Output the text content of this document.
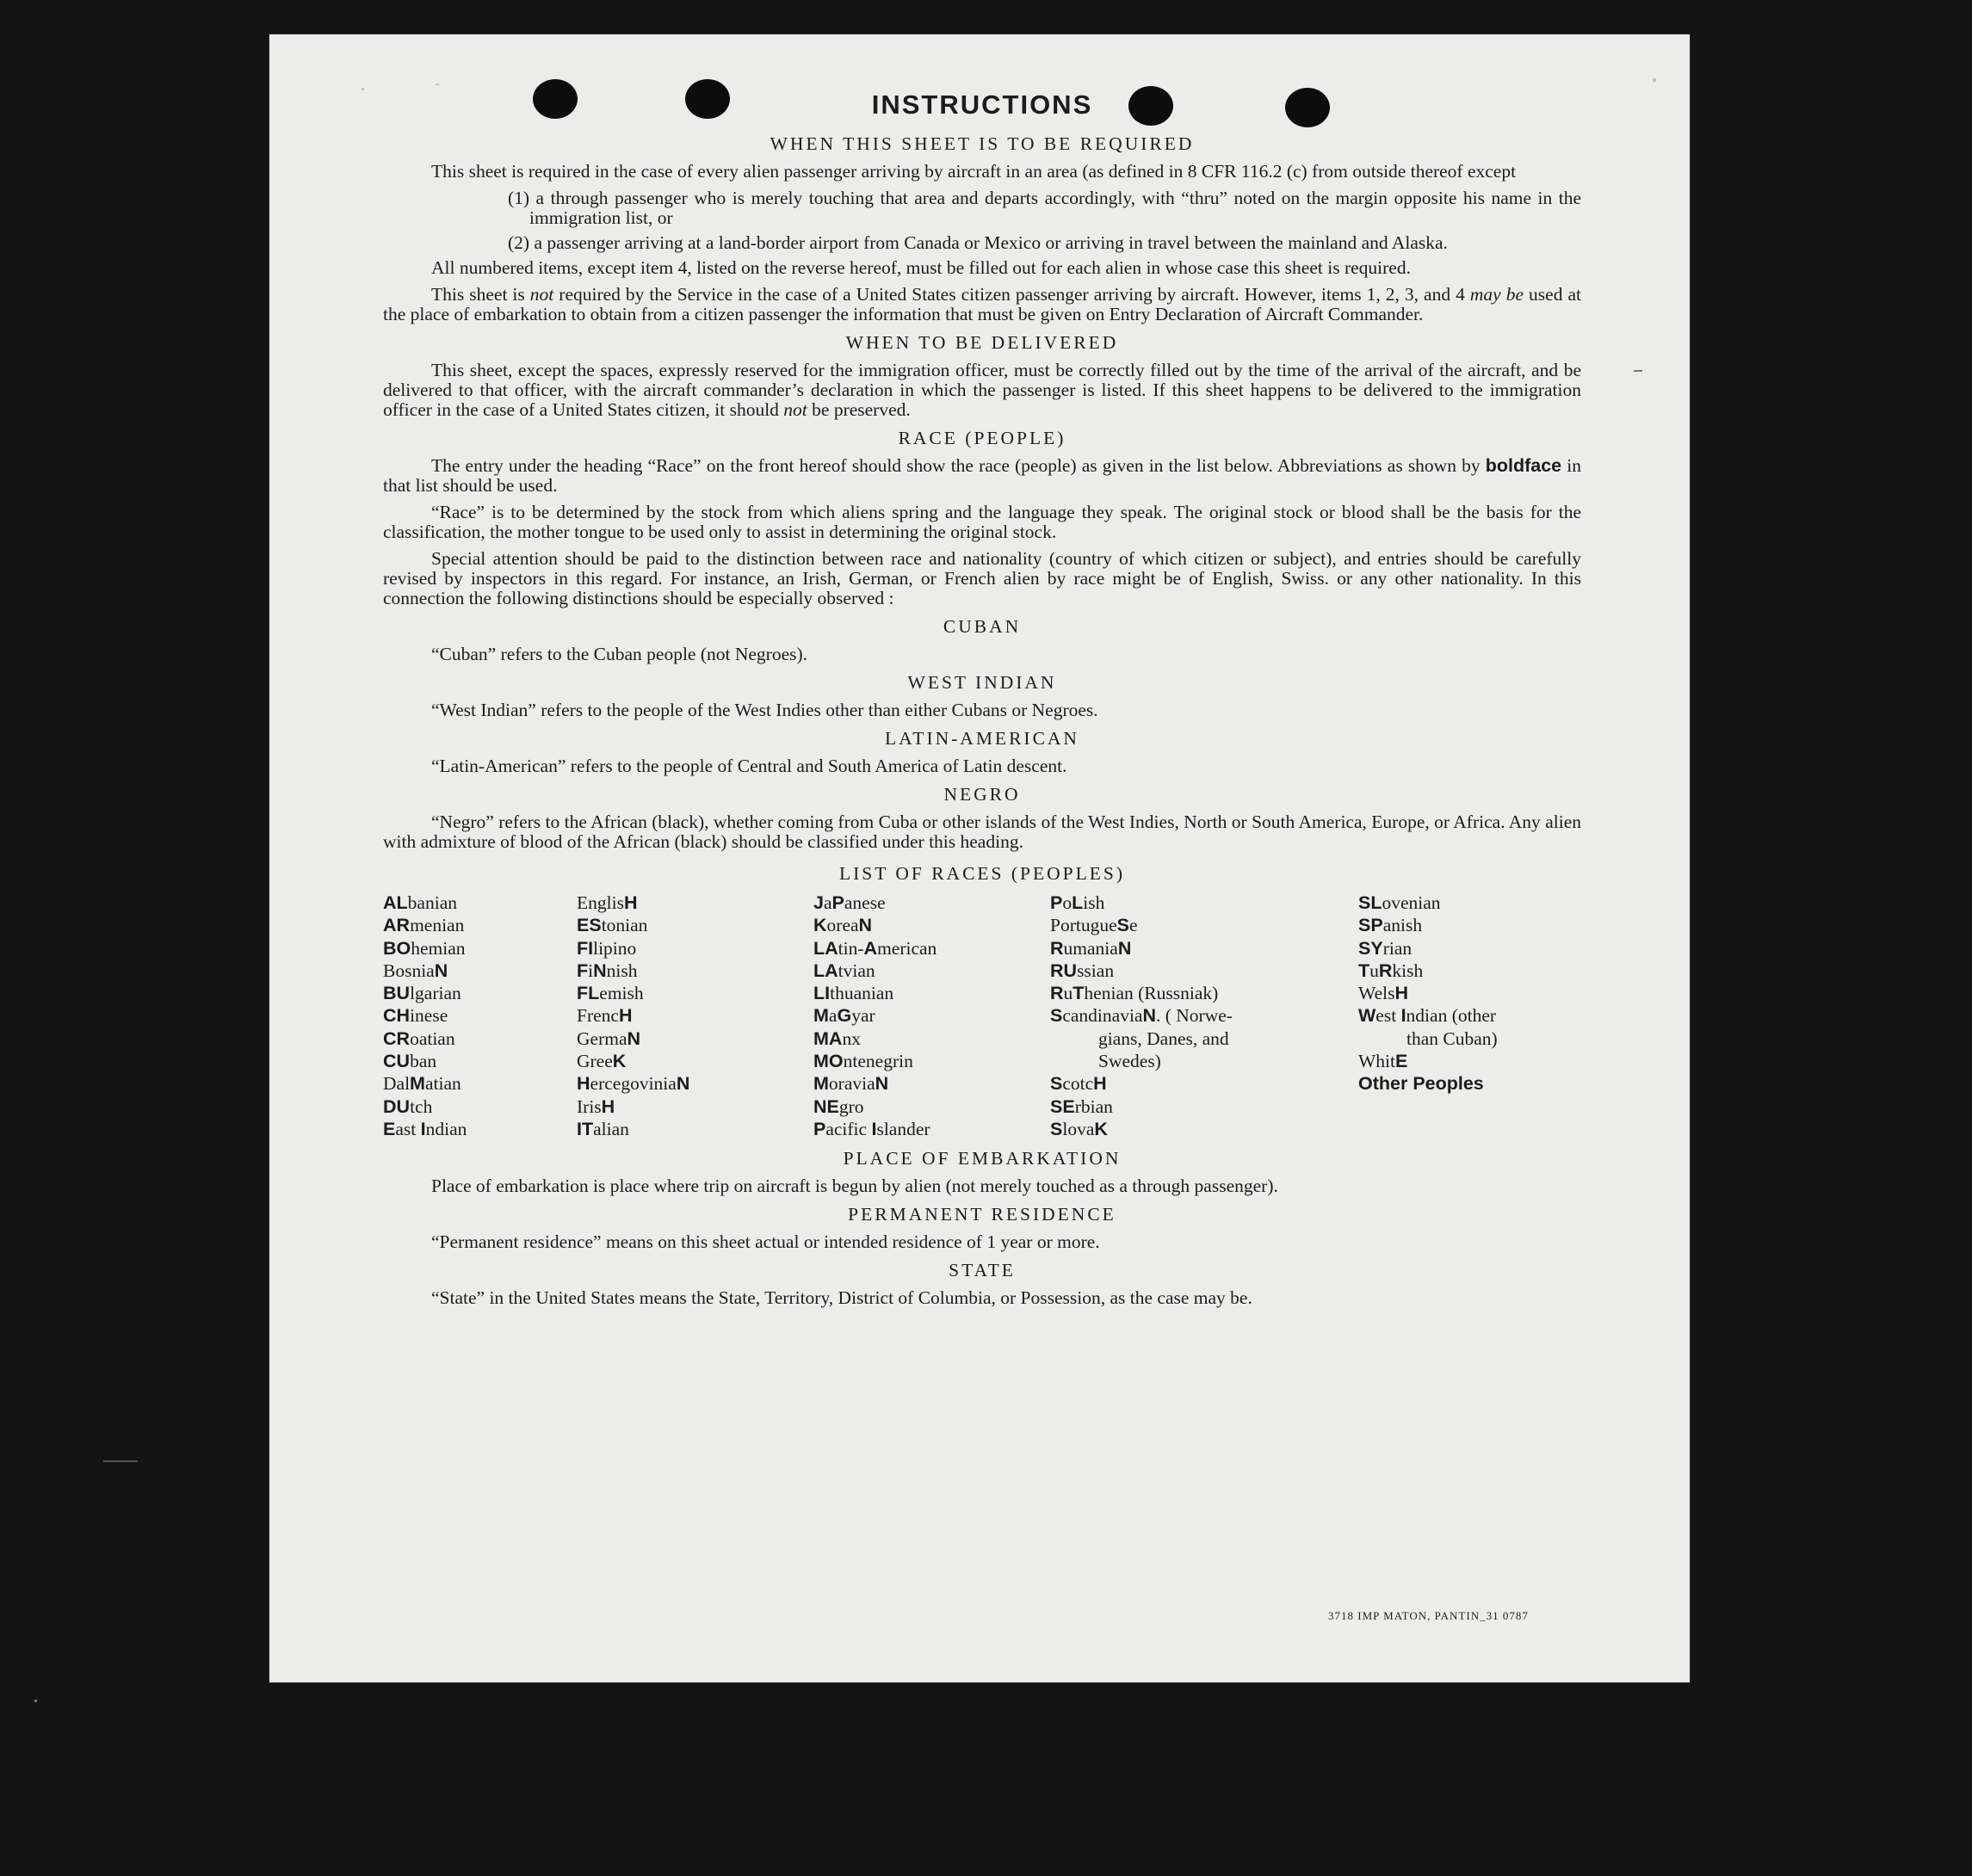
INSTRUCTIONS
WHEN THIS SHEET IS TO BE REQUIRED

This sheet is required in the case of every alien passenger arriving by aircraft in an area (as defined in 8 CFR 116.2 (c) from outside thereof except

(1) a through passenger who is merely touching that area and departs accordingly, with “thru” noted on the margin opposite his name in the immigration list, or
(2) a passenger arriving at a land-border airport from Canada or Mexico or arriving in travel between the mainland and Alaska.

All numbered items, except item 4, listed on the reverse hereof, must be filled out for each alien in whose case this sheet is required.

This sheet is not required by the Service in the case of a United States citizen passenger arriving by aircraft. However, items 1, 2, 3, and 4 may be used at the place of embarkation to obtain from a citizen passenger the information that must be given on Entry Declaration of Aircraft Commander.

WHEN TO BE DELIVERED

This sheet, except the spaces, expressly reserved for the immigration officer, must be correctly filled out by the time of the arrival of the aircraft, and be delivered to that officer, with the aircraft commander’s declaration in which the passenger is listed. If this sheet happens to be delivered to the immigration officer in the case of a United States citizen, it should not be preserved.

RACE (PEOPLE)

The entry under the heading “Race” on the front hereof should show the race (people) as given in the list below. Abbreviations as shown by boldface in that list should be used.

“Race” is to be determined by the stock from which aliens spring and the language they speak. The original stock or blood shall be the basis for the classification, the mother tongue to be used only to assist in determining the original stock.

Special attention should be paid to the distinction between race and nationality (country of which citizen or subject), and entries should be carefully revised by inspectors in this regard. For instance, an Irish, German, or French alien by race might be of English, Swiss. or any other nationality. In this connection the following distinctions should be especially observed :

CUBAN

“Cuban” refers to the Cuban people (not Negroes).

WEST INDIAN

“West Indian” refers to the people of the West Indies other than either Cubans or Negroes.

LATIN-AMERICAN

“Latin-American” refers to the people of Central and South America of Latin descent.

NEGRO

“Negro” refers to the African (black), whether coming from Cuba or other islands of the West Indies, North or South America, Europe, or Africa. Any alien with admixture of blood of the African (black) should be classified under this heading.

LIST OF RACES (PEOPLES)
ALbanian
ARmenian
BOhemian
BosniaN
BUlgarian
CHinese
CRoatian
CUban
DalMatian
DUtch
East Indian
EnglisH
EStonian
FIlipino
FiNnish
FLemish
FrencH
GermaN
GreeK
HercegoviniaN
IrisH
ITalian
JaPanese
KoreaN
LAtin-American
LAtvian
LIthuanian
MaGyar
MAnx
MOntenegrin
MoraviaN
NEgro
Pacific Islander
PoLish
PortugueSe
RumaniaN
RUssian
RuThenian (Russniak)
ScandinaviaN. ( Norwe-
gians, Danes, and
Swedes)
ScotcH
SErbian
SlovaK
SLovenian
SPanish
SYrian
TuRkish
WelsH
West Indian (other
than Cuban)
WhitE
Other Peoples
PLACE OF EMBARKATION

Place of embarkation is place where trip on aircraft is begun by alien (not merely touched as a through passenger).

PERMANENT RESIDENCE

“Permanent residence” means on this sheet actual or intended residence of 1 year or more.

STATE

“State” in the United States means the State, Territory, District of Columbia, or Possession, as the case may be.

3718 IMP MATON, PANTIN_31 0787
